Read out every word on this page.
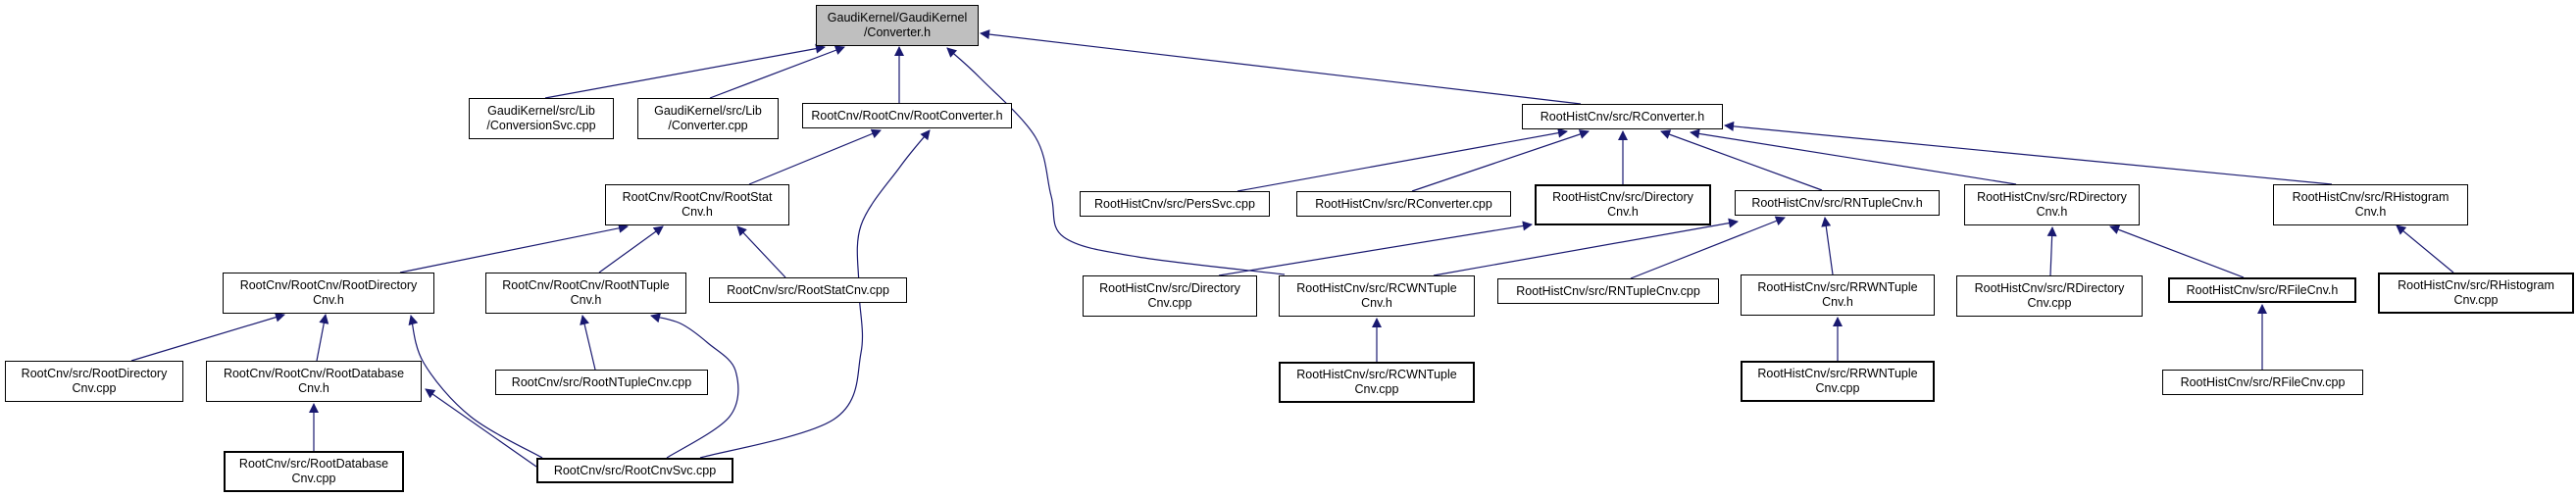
GaudiKernel/GaudiKernel
/Converter.h
GaudiKernel/src/Lib
/ConversionSvc.cpp
GaudiKernel/src/Lib
/Converter.cpp
RootCnv/RootCnv/RootConverter.h	RootHistCnv/src/RConverter.h
RootCnv/RootCnv/RootStat
Cnv.h
RootHistCnv/src/PersSvc.cpp	RootHistCnv/src/RConverter.cpp	RootHistCnv/src/Directory
Cnv.h
RootHistCnv/src/RNTupleCnv.h	RootHistCnv/src/RDirectory
Cnv.h
RootHistCnv/src/RHistogram
Cnv.h
RootCnv/RootCnv/RootDirectory
Cnv.h
RootCnv/RootCnv/RootNTuple
Cnv.h
RootCnv/src/RootStatCnv.cpp	RootHistCnv/src/Directory
Cnv.cpp
RootHistCnv/src/RCWNTuple
Cnv.h
RootHistCnv/src/RNTupleCnv.cpp	RootHistCnv/src/RRWNTuple
Cnv.h
RootHistCnv/src/RDirectory
Cnv.cpp
RootHistCnv/src/RFileCnv.h	RootHistCnv/src/RHistogram
Cnv.cpp
RootCnv/src/RootDirectory
Cnv.cpp
RootCnv/RootCnv/RootDatabase
Cnv.h	RootCnv/src/RootNTupleCnv.cpp
RootHistCnv/src/RCWNTuple
Cnv.cpp
RootHistCnv/src/RRWNTuple
Cnv.cpp	RootHistCnv/src/RFileCnv.cpp
RootCnv/src/RootDatabase
Cnv.cpp
RootCnv/src/RootCnvSvc.cpp
